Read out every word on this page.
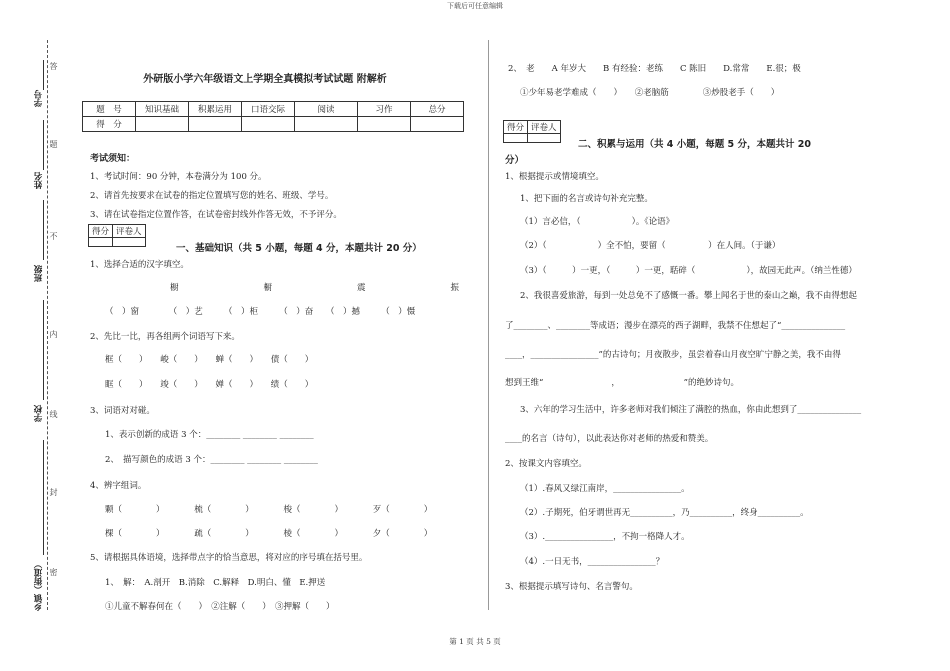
下载后可任意编辑
学号
姓名
班级
学校
乡镇（街道）
答
题
不
内
线
封
密
外研版小学六年级语文上学期全真模拟考试试题 附解析
题　号	知识基础	积累运用	口语交际	阅读	习作	总分
得　分						
考试须知：
1、考试时间：90 分钟，本卷满分为 100 分。
2、请首先按要求在试卷的指定位置填写您的姓名、班级、学号。
3、请在试卷指定位置作答，在试卷密封线外作答无效，不予评分。
得分	评卷人

一、基础知识（共 5 小题，每题 4 分，本题共计 20 分）
1、选择合适的汉字填空。
橱　　　　　　　　　　橱　　　　　　　　　　震　　　　　　　　　　振
（　）窗　　　　（　）艺　　　（　）柜　　　（　）奋　　（　）撼　　　（　）慑
2、先比一比，再各组两个词语写下来。
框（　　）　　峻（　　）　　蝉（　　）　　债（　　）
眶（　　）　　竣（　　）　　婵（　　）　　绩（　　）
3、词语对对碰。
1、表示创新的成语 3 个：________ ________ ________
2、　描写颜色的成语 3 个：________ ________ ________
4、辨字组词。
颗（　　　　）　　　　梳（　　　　）　　　　梭（　　　　）　　　　歹（　　　　）
棵（　　　　）　　　　疏（　　　　）　　　　棱（　　　　）　　　　夕（　　　　）
5、请根据具体语境，选择带点字的恰当意思，将对应的序号填在括号里。
1、　解：　A.剖开　B.消除　C.解释　D.明白、懂　E.押送
①儿童不解春何在（　　）　②注解（　　）　③押解（　　）
2、　老　　A 年岁大　　B 有经验：老练　　C 陈旧　　D.常常　　E.很；极
①少年易老学难成（　　）　　②老脑筋　　　　③炒股老手（　　）
得分	评卷人

二、积累与运用（共 4 小题，每题 5 分，本题共计 20
分）
1、根据提示或情境填空。
1、把下面的名言或诗句补充完整。
（1）言必信，（　　　　　　）。《论语》
（2）（　　　　　　）全不怕，要留（　　　　　）在人间。（于谦）
（3）（　　　）一更，（　　　）一更，聒碎（　　　　　　），故园无此声。（纳兰性德）
2、我很喜爱旅游，每到一处总免不了感慨一番。攀上闻名于世的泰山之巅，我不由得想起
了________、________等成语；漫步在漂亮的西子湖畔，我禁不住想起了“_______________
____，________________”的古诗句；月夜散步，虽尝着春山月夜空旷宁静之美，我不由得
想到王维“　　　　　　　　，　　　　　　　　”的绝妙诗句。
3、六年的学习生活中，许多老师对我们倾注了满腔的热血，你由此想到了_______________
____的名言（诗句），以此表达你对老师的热爱和赞美。
2、按课文内容填空。
（1）.春风又绿江南岸，________________。
（2）.子期死，伯牙谓世再无__________，乃__________，终身__________。
（3）.________________，不拘一格降人才。
（4）.一日无书，________________？
3、根据提示填写诗句、名言警句。
第 1 页 共 5 页
